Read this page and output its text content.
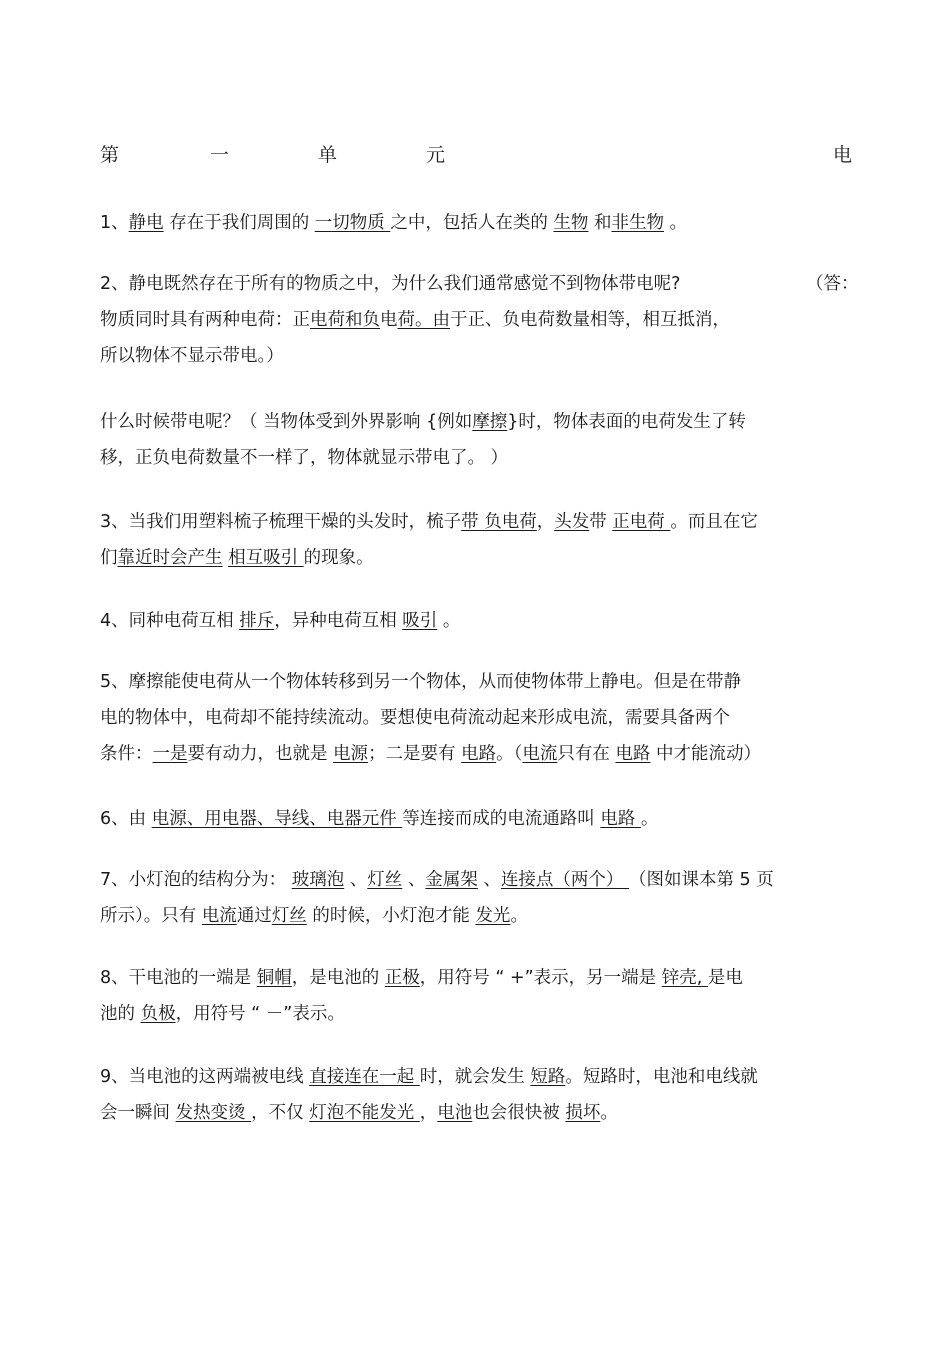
第	一	单	元	电
1、静电 存在于我们周围的 一切物质 之中，包括人在类的 生物 和非生物 。
2、静电既然存在于所有的物质之中，为什么我们通常感觉不到物体带电呢?	（答：
物质同时具有两种电荷：正电荷和负电荷。由于正、负电荷数量相等，相互抵消，
所以物体不显示带电。）
什么时候带电呢？（ 当物体受到外界影响 {例如摩擦}时，物体表面的电荷发生了转
移，正负电荷数量不一样了，物体就显示带电了。 ）
3、当我们用塑料梳子梳理干燥的头发时，梳子带 负电荷，头发带 正电荷 。而且在它
们靠近时会产生 相互吸引 的现象。
4、同种电荷互相 排斥，异种电荷互相 吸引 。
5、摩擦能使电荷从一个物体转移到另一个物体，从而使物体带上静电。但是在带静
电的物体中，电荷却不能持续流动。要想使电荷流动起来形成电流，需要具备两个
条件：一是要有动力，也就是 电源；二是要有 电路。（电流只有在 电路 中才能流动）
6、由 电源、用电器、导线、电器元件 等连接而成的电流通路叫 电路 。
7、小灯泡的结构分为： 玻璃泡 、灯丝 、金属架 、连接点（两个） （图如课本第 5 页
所示）。只有 电流通过灯丝 的时候，小灯泡才能 发光。
8、干电池的一端是 铜帽，是电池的 正极，用符号 “ +”表示，另一端是 锌壳, 是电
池的 负极，用符号 “ －”表示。
9、当电池的这两端被电线 直接连在一起 时，就会发生 短路。短路时，电池和电线就
会一瞬间 发热变烫 ，不仅 灯泡不能发光 ，电池也会很快被 损坏。
